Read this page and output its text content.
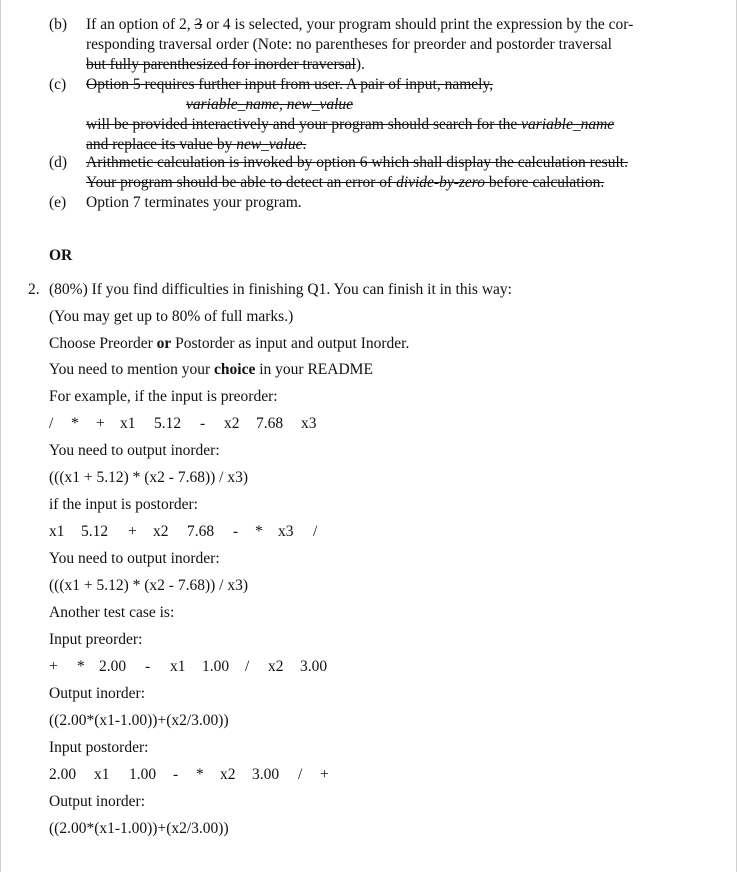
(b) If an option of 2, 3 or 4 is selected, your program should print the expression by the cor-
responding traversal order (Note: no parentheses for preorder and postorder traversal
but fully parenthesized for inorder traversal).
(c) Option 5 requires further input from user. A pair of input, namely,
variable_name, new_value
will be provided interactively and your program should search for the variable_name
and replace its value by new_value.
(d) Arithmetic calculation is invoked by option 6 which shall display the calculation result.
Your program should be able to detect an error of divide-by-zero before calculation.
(e) Option 7 terminates your program.
OR
2. (80%) If you find difficulties in finishing Q1. You can finish it in this way:
(You may get up to 80% of full marks.)
Choose Preorder or Postorder as input and output Inorder.
You need to mention your choice in your README
For example, if the input is preorder:
/ * + x1 5.12 - x2 7.68 x3
You need to output inorder:
(((x1 + 5.12) * (x2 - 7.68)) / x3)
if the input is postorder:
x1 5.12 + x2 7.68 - * x3 /
You need to output inorder:
(((x1 + 5.12) * (x2 - 7.68)) / x3)
Another test case is:
Input preorder:
+ * 2.00 - x1 1.00 / x2 3.00
Output inorder:
((2.00*(x1-1.00))+(x2/3.00))
Input postorder:
2.00 x1 1.00 - * x2 3.00 / +
Output inorder:
((2.00*(x1-1.00))+(x2/3.00))
